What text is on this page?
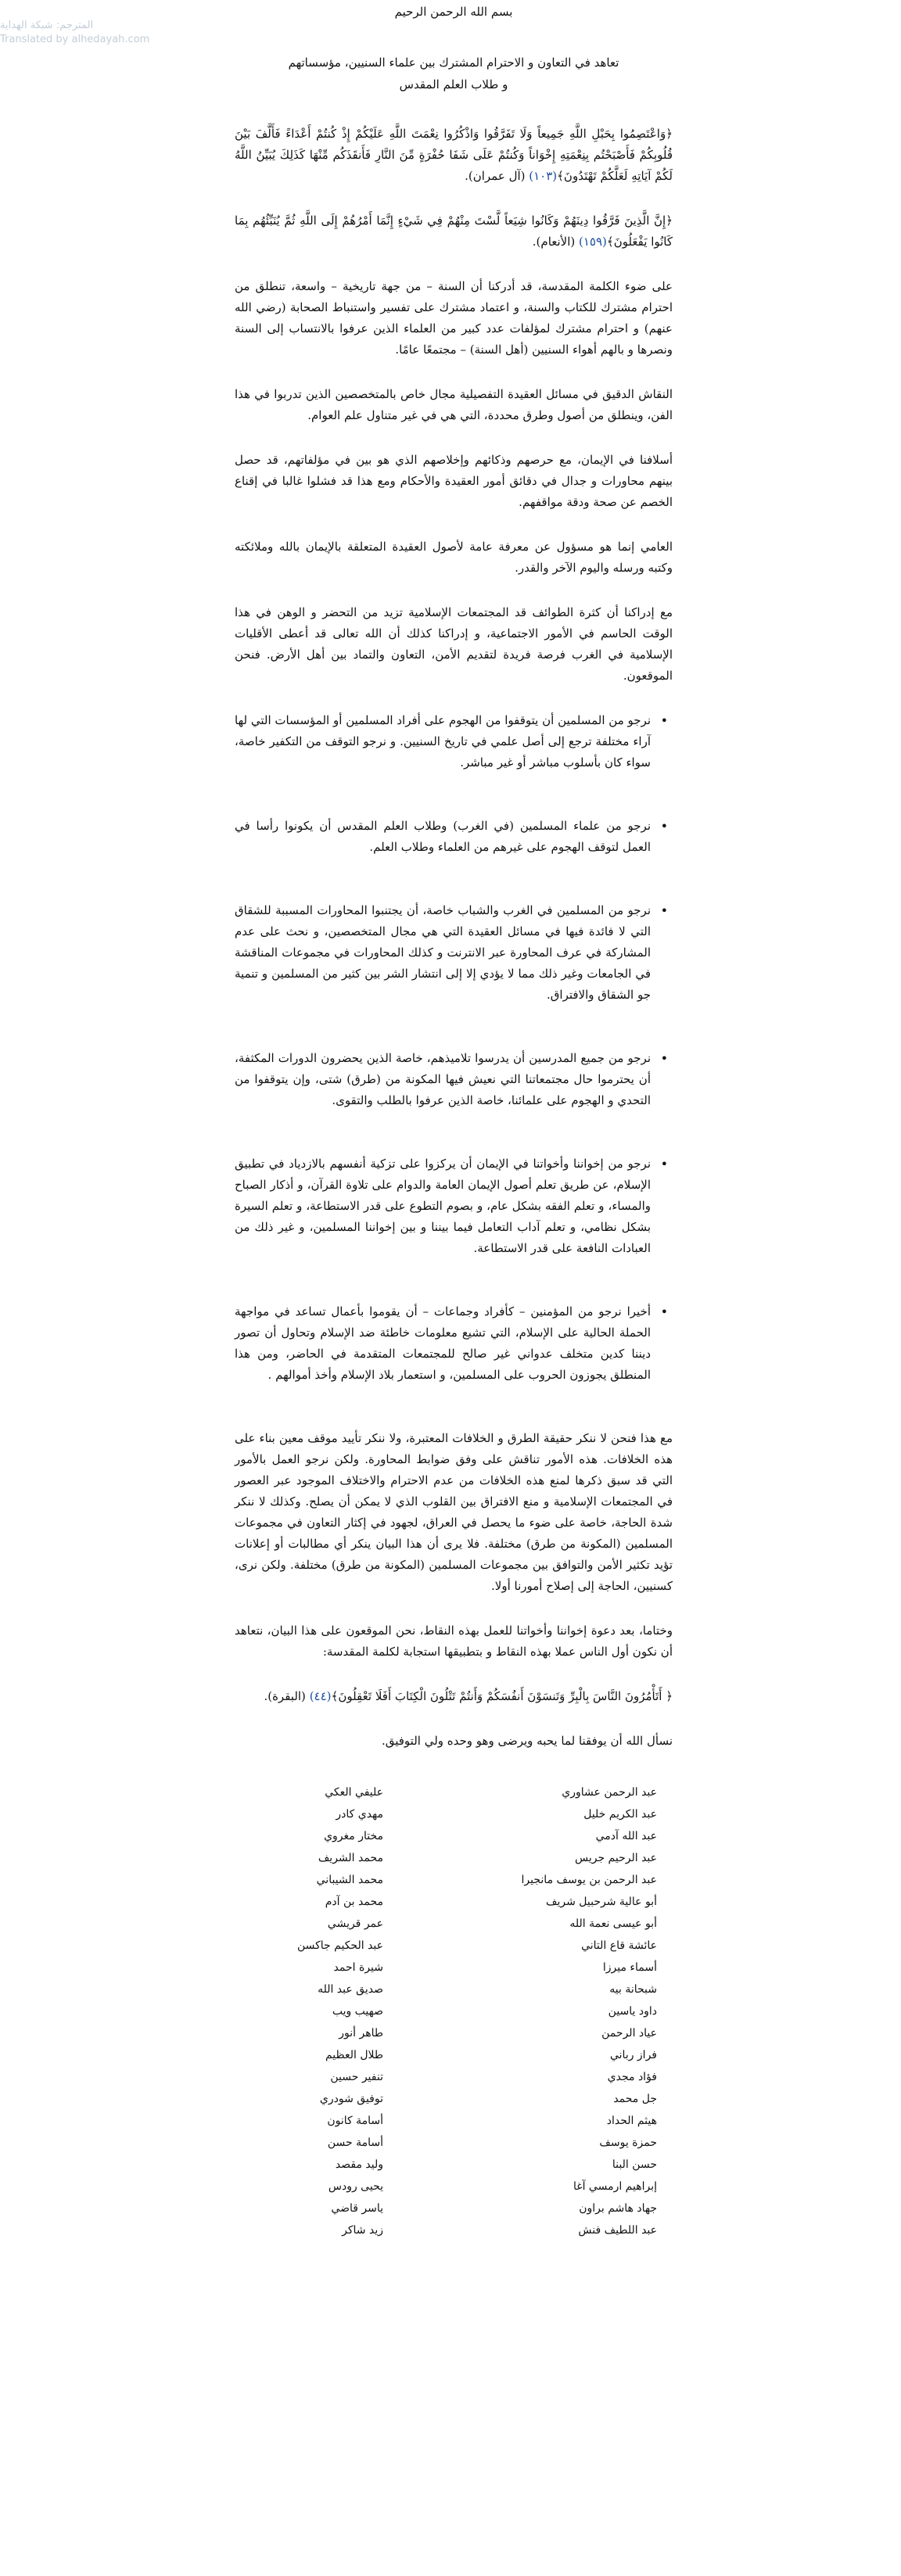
المترجم: شبكة الهداية
Translated by alhedayah.com
بسم الله الرحمن الرحيم
تعاهد في التعاون و الاحترام المشترك بين علماء السنيين، مؤسساتهم
و طلاب العلم المقدس

﴿وَاعْتَصِمُوا بِحَبْلِ اللَّهِ جَمِيعاً وَلَا تَفَرَّقُوا وَاذْكُرُوا نِعْمَتَ اللَّهِ عَلَيْكُمْ إِذْ كُنتُمْ أَعْدَاءً فَأَلَّفَ بَيْنَ قُلُوبِكُمْ فَأَصْبَحْتُم بِنِعْمَتِهِ إِخْوَاناً وَكُنتُمْ عَلَى شَفَا حُفْرَةٍ مِّنَ النَّارِ فَأَنقَذَكُم مِّنْهَا كَذَلِكَ يُبَيِّنُ اللَّهُ لَكُمْ آيَاتِهِ لَعَلَّكُمْ تَهْتَدُونَ﴾(١٠٣) (آل عمران).

﴿إِنَّ الَّذِينَ فَرَّقُوا دِينَهُمْ وَكَانُوا شِيَعاً لَّسْتَ مِنْهُمْ فِي شَيْءٍ إِنَّمَا أَمْرُهُمْ إِلَى اللَّهِ ثُمَّ يُنَبِّئُهُم بِمَا كَانُوا يَفْعَلُونَ﴾(١٥٩) (الأنعام).

على ضوء الكلمة المقدسة، قد أدركنا أن السنة – من جهة تاريخية – واسعة، تنطلق من احترام مشترك للكتاب والسنة، و اعتماد مشترك على تفسير واستنباط الصحابة (رضي الله عنهم) و احترام مشترك لمؤلفات عدد كبير من العلماء الذين عرفوا بالانتساب إلى السنة ونصرها و بالهم أهواء السنيين (أهل السنة) – مجتمعًا عامًا.

النقاش الدقيق في مسائل العقيدة التفصيلية مجال خاص بالمتخصصين الذين تدربوا في هذا الفن، وينطلق من أصول وطرق محددة، التي هي في غير متناول علم العوام.

أسلافنا في الإيمان، مع حرصهم وذكائهم وإخلاصهم الذي هو بين في مؤلفاتهم، قد حصل بينهم محاورات و جدال في دقائق أمور العقيدة والأحكام ومع هذا قد فشلوا غالبا في إقناع الخصم عن صحة ودقة مواقفهم.

العامي إنما هو مسؤول عن معرفة عامة لأصول العقيدة المتعلقة بالإيمان بالله وملائكته وكتبه ورسله واليوم الآخر والقدر.

مع إدراكنا أن كثرة الطوائف قد المجتمعات الإسلامية تزيد من التحضر و الوهن في هذا الوقت الحاسم في الأمور الاجتماعية، و إدراكنا كذلك أن الله تعالى قد أعطى الأقليات الإسلامية في الغرب فرصة فريدة لتقديم الأمن، التعاون والتماد بين أهل الأرض. فنحن الموقعون.

• نرجو من المسلمين أن يتوقفوا من الهجوم على أفراد المسلمين أو المؤسسات التي لها آراء مختلفة ترجع إلى أصل علمي في تاريخ السنيين. و نرجو التوقف من التكفير خاصة، سواء كان بأسلوب مباشر أو غير مباشر.
• نرجو من علماء المسلمين (في الغرب) وطلاب العلم المقدس أن يكونوا رأسا في العمل لتوقف الهجوم على غيرهم من العلماء وطلاب العلم.
• نرجو من المسلمين في الغرب والشباب خاصة، أن يجتنبوا المحاورات المسببة للشقاق التي لا فائدة فيها في مسائل العقيدة التي هي مجال المتخصصين، و نحث على عدم المشاركة في عرف المحاورة عبر الانترنت و كذلك المحاورات في مجموعات المناقشة في الجامعات وغير ذلك مما لا يؤدي إلا إلى انتشار الشر بين كثير من المسلمين و تنمية جو الشقاق والافتراق.
• نرجو من جميع المدرسين أن يدرسوا تلاميذهم، خاصة الذين يحضرون الدورات المكثفة، أن يحترموا حال مجتمعاتنا التي نعيش فيها المكونة من (طرق) شتى، وإن يتوقفوا من التحدي و الهجوم على علمائنا، خاصة الذين عرفوا بالطلب والتقوى.
• نرجو من إخواننا وأخواتنا في الإيمان أن يركزوا على تزكية أنفسهم بالازدياد في تطبيق الإسلام، عن طريق تعلم أصول الإيمان العامة والدوام على تلاوة القرآن، و أذكار الصباح والمساء، و تعلم الفقه بشكل عام، و بصوم التطوع على قدر الاستطاعة، و تعلم السيرة بشكل نظامي، و تعلم آداب التعامل فيما بيننا و بين إخواننا المسلمين، و غير ذلك من العبادات النافعة على قدر الاستطاعة.
• أخيرا نرجو من المؤمنين – كأفراد وجماعات – أن يقوموا بأعمال تساعد في مواجهة الحملة الحالية على الإسلام، التي تشيع معلومات خاطئة ضد الإسلام وتحاول أن تصور ديننا كدين متخلف عدواني غير صالح للمجتمعات المتقدمة في الحاضر، ومن هذا المنطلق يجوزون الحروب على المسلمين، و استعمار بلاد الإسلام وأخذ أموالهم .

مع هذا فنحن لا ننكر حقيقة الطرق و الخلافات المعتبرة، ولا ننكر تأييد موقف معين بناء على هذه الخلافات. هذه الأمور تناقش على وفق ضوابط المحاورة. ولكن نرجو العمل بالأمور التي قد سبق ذكرها لمنع هذه الخلافات من عدم الاحترام والاختلاف الموجود عبر العصور في المجتمعات الإسلامية و منع الافتراق بين القلوب الذي لا يمكن أن يصلح. وكذلك لا ننكر شدة الحاجة، خاصة على ضوء ما يحصل في العراق، لجهود في إكثار التعاون في مجموعات المسلمين (المكونة من طرق) مختلفة. فلا يرى أن هذا البيان ينكر أي مطالبات أو إعلانات تؤيد تكثير الأمن والتوافق بين مجموعات المسلمين (المكونة من طرق) مختلفة. ولكن نرى، كسنيين، الحاجة إلى إصلاح أمورنا أولا.

وختاما، بعد دعوة إخواننا وأخواتنا للعمل بهذه النقاط، نحن الموقعون على هذا البيان، نتعاهد أن نكون أول الناس عملا بهذه النقاط و بتطبيقها استجابة لكلمة المقدسة:

﴿ أَتَأْمُرُونَ النَّاسَ بِالْبِرِّ وَتَنسَوْنَ أَنفُسَكُمْ وَأَنتُمْ تَتْلُونَ الْكِتَابَ أَفَلَا تَعْقِلُونَ﴾(٤٤) (البقرة).

نسأل الله أن يوفقنا لما يحبه ويرضى وهو وحده ولي التوفيق.

عبد الرحمن عشاوري
عبد الكريم خليل
عبد الله آدمي
عبد الرحيم جريس
عبد الرحمن بن يوسف مانجيرا
أبو عالية شرحبيل شريف
أبو عيسى نعمة الله
عائشة قاع التاني
أسماء ميرزا
شبحانة بيه
داود ياسين
عياد الرحمن
فراز رباني
فؤاد مجدي
جل محمد
هيثم الحداد
حمزة يوسف
حسن البنا
إبراهيم ارمسي آغا
جهاد هاشم براون
عبد اللطيف فنش
عليفي العكي
مهدي كادر
مختار مغروي
محمد الشريف
محمد الشيباني
محمد بن آدم
عمر قريشي
عبد الحكيم جاكسن
شيرة احمد
صديق عبد الله
صهيب ويب
طاهر أنور
طلال العظيم
تنفير حسين
توفيق شودري
أسامة كانون
أسامة حسن
وليد مقصد
يحيى رودس
ياسر قاضي
زيد شاكر
